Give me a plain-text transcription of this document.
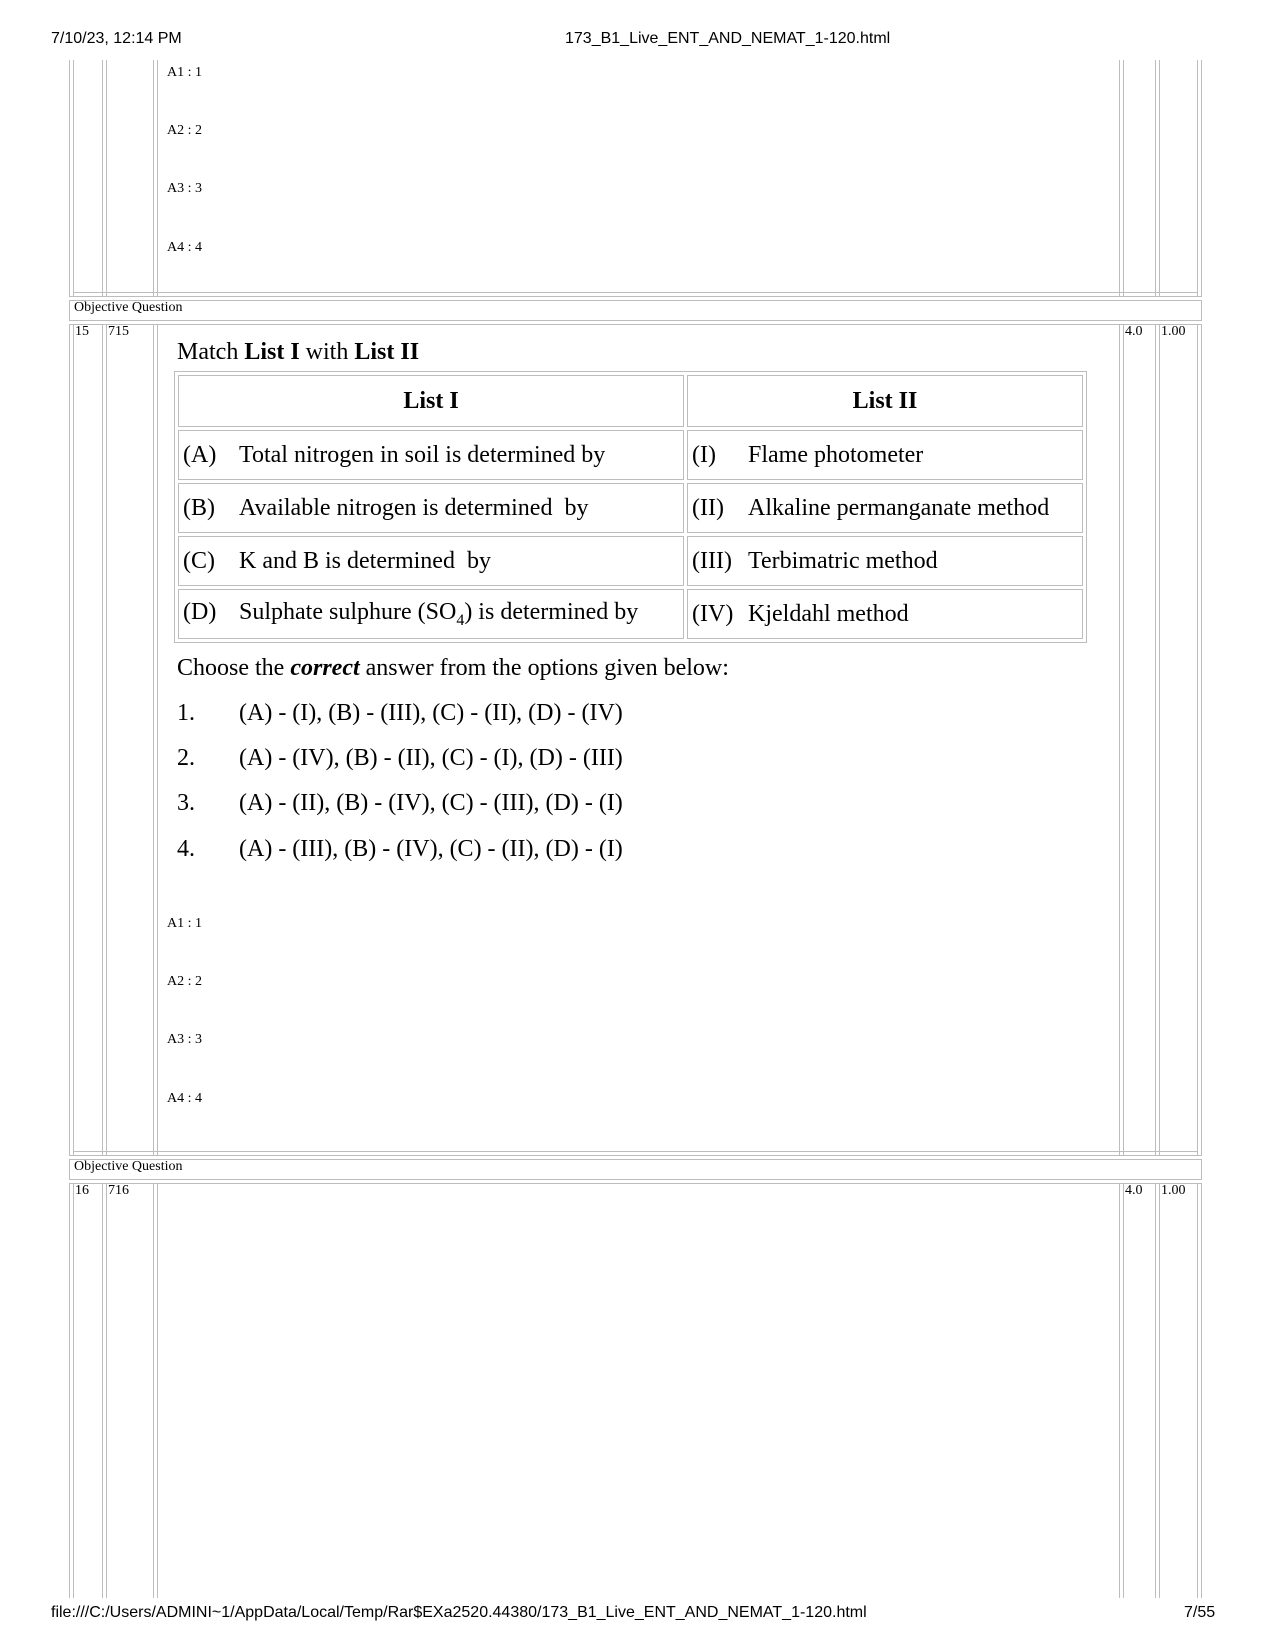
7/10/23, 12:14 PM	173_B1_Live_ENT_AND_NEMAT_1-120.html
A1 : 1
A2 : 2
A3 : 3
A4 : 4
Objective Question
15 715	4.0 1.00
Match List I with List II
List I	List II
(A) Total nitrogen in soil is determined by	(I) Flame photometer
(B) Available nitrogen is determined  by	(II) Alkaline permanganate method
(C) K and B is determined  by	(III) Terbimatric method
(D) Sulphate sulphure $(SO_4)$ is determined by	(IV) Kjeldahl method
Choose the correct answer from the options given below:
1. (A) - (I), (B) - (III), (C) - (II), (D) - (IV)
2. (A) - (IV), (B) - (II), (C) - (I), (D) - (III)
3. (A) - (II), (B) - (IV), (C) - (III), (D) - (I)
4. (A) - (III), (B) - (IV), (C) - (II), (D) - (I)
A1 : 1
A2 : 2
A3 : 3
A4 : 4
Objective Question
16 716	4.0 1.00
file:///C:/Users/ADMINI~1/AppData/Local/Temp/Rar$EXa2520.44380/173_B1_Live_ENT_AND_NEMAT_1-120.html	7/55
